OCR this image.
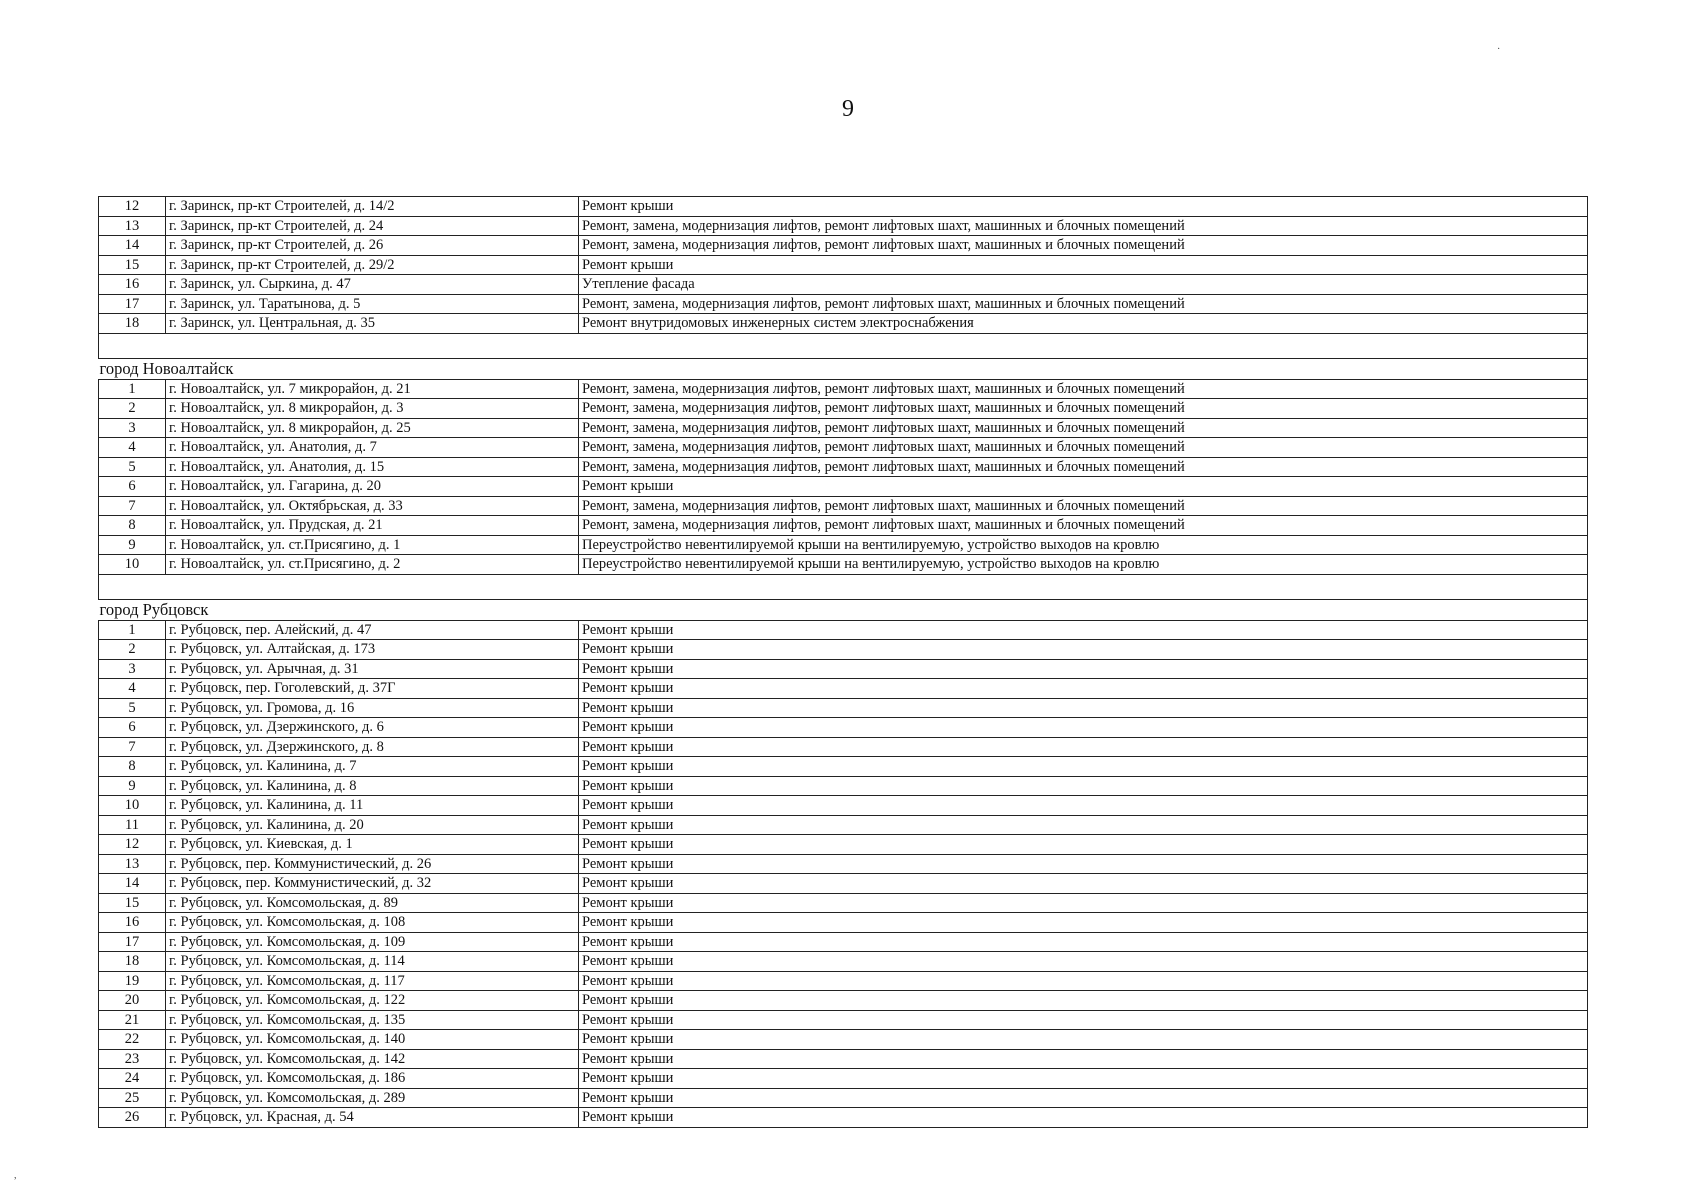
9
12	г. Заринск, пр-кт Строителей, д. 14/2	Ремонт крыши
13	г. Заринск, пр-кт Строителей, д. 24	Ремонт, замена, модернизация лифтов, ремонт лифтовых шахт, машинных и блочных помещений
14	г. Заринск, пр-кт Строителей, д. 26	Ремонт, замена, модернизация лифтов, ремонт лифтовых шахт, машинных и блочных помещений
15	г. Заринск, пр-кт Строителей, д. 29/2	Ремонт крыши
16	г. Заринск, ул. Сыркина, д. 47	Утепление фасада
17	г. Заринск, ул. Таратынова, д. 5	Ремонт, замена, модернизация лифтов, ремонт лифтовых шахт, машинных и блочных помещений
18	г. Заринск, ул. Центральная, д. 35	Ремонт внутридомовых инженерных систем электроснабжения

город Новоалтайск		
1	г. Новоалтайск, ул. 7 микрорайон, д. 21	Ремонт, замена, модернизация лифтов, ремонт лифтовых шахт, машинных и блочных помещений
2	г. Новоалтайск, ул. 8 микрорайон, д. 3	Ремонт, замена, модернизация лифтов, ремонт лифтовых шахт, машинных и блочных помещений
3	г. Новоалтайск, ул. 8 микрорайон, д. 25	Ремонт, замена, модернизация лифтов, ремонт лифтовых шахт, машинных и блочных помещений
4	г. Новоалтайск, ул. Анатолия, д. 7	Ремонт, замена, модернизация лифтов, ремонт лифтовых шахт, машинных и блочных помещений
5	г. Новоалтайск, ул. Анатолия, д. 15	Ремонт, замена, модернизация лифтов, ремонт лифтовых шахт, машинных и блочных помещений
6	г. Новоалтайск, ул. Гагарина, д. 20	Ремонт крыши
7	г. Новоалтайск, ул. Октябрьская, д. 33	Ремонт, замена, модернизация лифтов, ремонт лифтовых шахт, машинных и блочных помещений
8	г. Новоалтайск, ул. Прудская, д. 21	Ремонт, замена, модернизация лифтов, ремонт лифтовых шахт, машинных и блочных помещений
9	г. Новоалтайск, ул. ст.Присягино, д. 1	Переустройство невентилируемой крыши на вентилируемую, устройство выходов на кровлю
10	г. Новоалтайск, ул. ст.Присягино, д. 2	Переустройство невентилируемой крыши на вентилируемую, устройство выходов на кровлю

город Рубцовск		
1	г. Рубцовск, пер. Алейский, д. 47	Ремонт крыши
2	г. Рубцовск, ул. Алтайская, д. 173	Ремонт крыши
3	г. Рубцовск, ул. Арычная, д. 31	Ремонт крыши
4	г. Рубцовск, пер. Гоголевский, д. 37Г	Ремонт крыши
5	г. Рубцовск, ул. Громова, д. 16	Ремонт крыши
6	г. Рубцовск, ул. Дзержинского, д. 6	Ремонт крыши
7	г. Рубцовск, ул. Дзержинского, д. 8	Ремонт крыши
8	г. Рубцовск, ул. Калинина, д. 7	Ремонт крыши
9	г. Рубцовск, ул. Калинина, д. 8	Ремонт крыши
10	г. Рубцовск, ул. Калинина, д. 11	Ремонт крыши
11	г. Рубцовск, ул. Калинина, д. 20	Ремонт крыши
12	г. Рубцовск, ул. Киевская, д. 1	Ремонт крыши
13	г. Рубцовск, пер. Коммунистический, д. 26	Ремонт крыши
14	г. Рубцовск, пер. Коммунистический, д. 32	Ремонт крыши
15	г. Рубцовск, ул. Комсомольская, д. 89	Ремонт крыши
16	г. Рубцовск, ул. Комсомольская, д. 108	Ремонт крыши
17	г. Рубцовск, ул. Комсомольская, д. 109	Ремонт крыши
18	г. Рубцовск, ул. Комсомольская, д. 114	Ремонт крыши
19	г. Рубцовск, ул. Комсомольская, д. 117	Ремонт крыши
20	г. Рубцовск, ул. Комсомольская, д. 122	Ремонт крыши
21	г. Рубцовск, ул. Комсомольская, д. 135	Ремонт крыши
22	г. Рубцовск, ул. Комсомольская, д. 140	Ремонт крыши
23	г. Рубцовск, ул. Комсомольская, д. 142	Ремонт крыши
24	г. Рубцовск, ул. Комсомольская, д. 186	Ремонт крыши
25	г. Рубцовск, ул. Комсомольская, д. 289	Ремонт крыши
26	г. Рубцовск, ул. Красная, д. 54	Ремонт крыши
·
,
